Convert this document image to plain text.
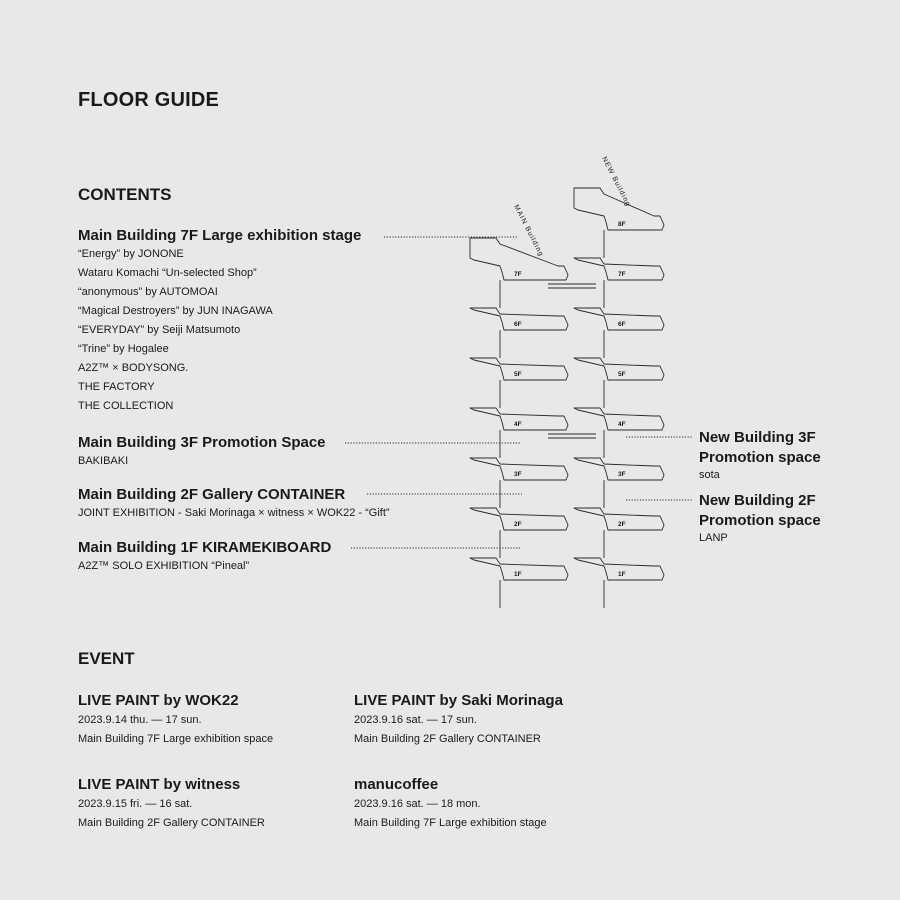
FLOOR GUIDE
CONTENTS
Main Building 7F Large exhibition stage
“Energy” by JONONE
Wataru Komachi “Un-selected Shop”
“anonymous” by AUTOMOAI
“Magical Destroyers” by JUN INAGAWA
“EVERYDAY” by Seiji Matsumoto
“Trine” by Hogalee
A2Z™ × BODYSONG.
THE FACTORY
THE COLLECTION
Main Building 3F Promotion Space
BAKIBAKI
Main Building 2F Gallery CONTAINER
JOINT EXHIBITION - Saki Morinaga × witness × WOK22 - “Gift”
Main Building 1F KIRAMEKIBOARD
A2Z™ SOLO EXHIBITION “Pineal”
New Building 3F
Promotion space
sota
New Building 2F
Promotion space
LANP
7F
6F
5F
4F
3F
2F
1F
8F
7F
6F
5F
4F
3F
2F
1F
MAIN Building
NEW Building
EVENT
LIVE PAINT by WOK22
2023.9.14 thu. — 17 sun.
Main Building 7F Large exhibition space
LIVE PAINT by Saki Morinaga
2023.9.16 sat. — 17 sun.
Main Building 2F Gallery CONTAINER
LIVE PAINT by witness
2023.9.15 fri. — 16 sat.
Main Building 2F Gallery CONTAINER
manucoffee
2023.9.16 sat. — 18 mon.
Main Building 7F Large exhibition stage
